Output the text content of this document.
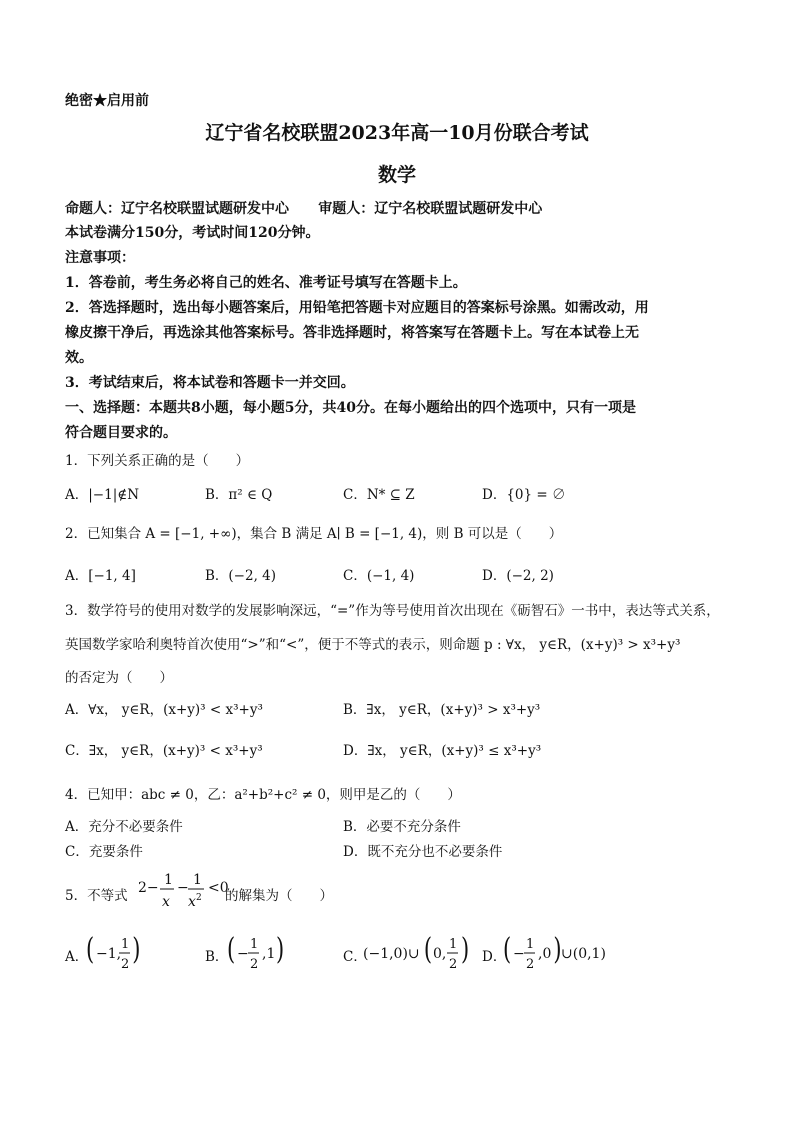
绝密★启用前
辽宁省名校联盟2023年高一10月份联合考试
数学
命题人：辽宁名校联盟试题研发中心      审题人：辽宁名校联盟试题研发中心
本试卷满分150分，考试时间120分钟。
注意事项：
1．答卷前，考生务必将自己的姓名、准考证号填写在答题卡上。
2．答选择题时，选出每小题答案后，用铅笔把答题卡对应题目的答案标号涂黑。如需改动，用
橡皮擦干净后，再选涂其他答案标号。答非选择题时，将答案写在答题卡上。写在本试卷上无
效。
3．考试结束后，将本试卷和答题卡一并交回。
一、选择题：本题共8小题，每小题5分，共40分。在每小题给出的四个选项中，只有一项是
符合题目要求的。
1．下列关系正确的是（　　）
A．|−1|∉N	B．π² ∈ Q	C．N* ⊆ Z	D．{0} = ∅
2．已知集合 A = [−1, +∞)，集合 B 满足 A∣ B = [−1, 4)，则 B 可以是（　　）
A．[−1, 4]	B．(−2, 4)	C．(−1, 4)	D．(−2, 2)
3．数学符号的使用对数学的发展影响深远，“=”作为等号使用首次出现在《砺智石》一书中，表达等式关系，
英国数学家哈利奥特首次使用“>”和“<”，便于不等式的表示，则命题 p : ∀x， y∈R，(x+y)³ > x³+y³
的否定为（　　）
A．∀x， y∈R，(x+y)³ < x³+y³	B．∃x， y∈R，(x+y)³ > x³+y³
C．∃x， y∈R，(x+y)³ < x³+y³	D．∃x， y∈R，(x+y)³ ≤ x³+y³
4．已知甲：abc ≠ 0，乙：a²+b²+c² ≠ 0，则甲是乙的（　　）
A．充分不必要条件	B．必要不充分条件
C．充要条件	D．既不充分也不必要条件
5．不等式 2− 1
x
− 1
x 2
<0
的解集为（　　）
A．
( −1,
1
2 )	B．
( −
1
2
,1 )	C．
(−1,0)∪ ( 0,
1
2 ) D．
( −
1
2
,0 ) ∪(0,1)
